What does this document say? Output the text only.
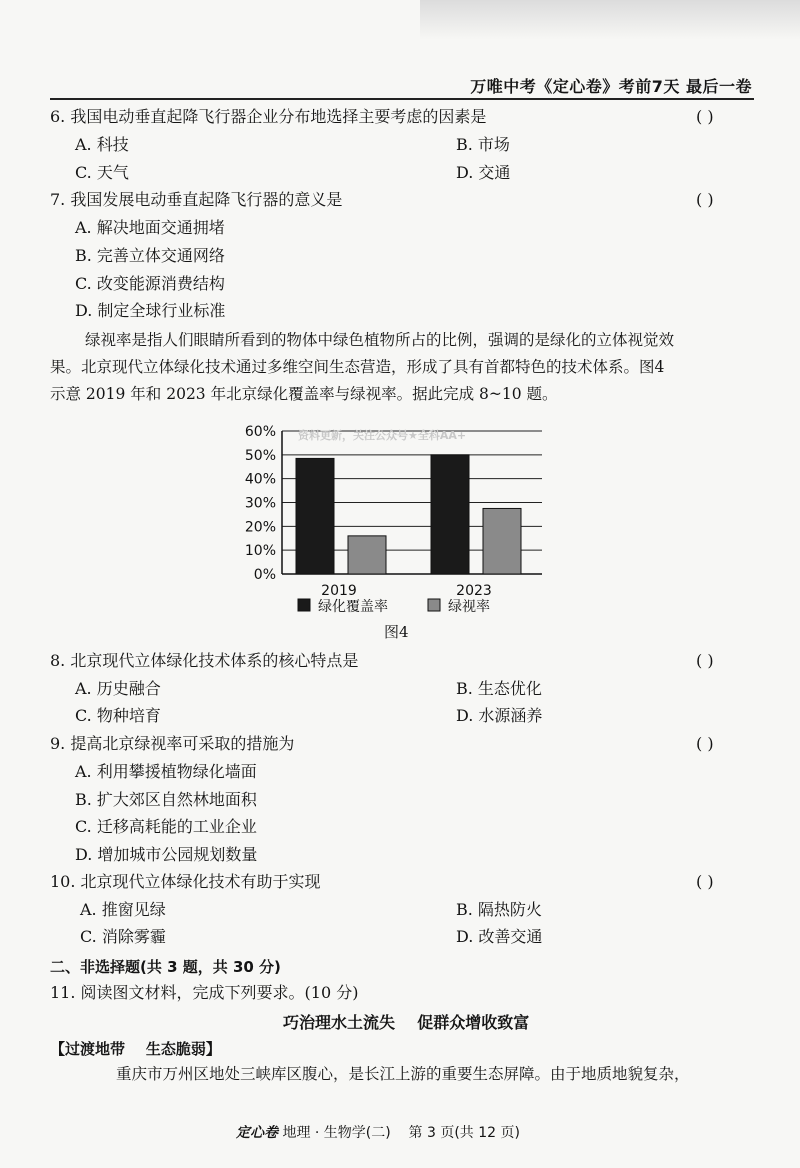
万唯中考《定心卷》考前7天 最后一卷
6. 我国电动垂直起降飞行器企业分布地选择主要考虑的因素是	( )
A. 科技	B. 市场
C. 天气	D. 交通
7. 我国发展电动垂直起降飞行器的意义是	( )
A. 解决地面交通拥堵
B. 完善立体交通网络
C. 改变能源消费结构
D. 制定全球行业标准
绿视率是指人们眼睛所看到的物体中绿色植物所占的比例，强调的是绿化的立体视觉效
果。北京现代立体绿化技术通过多维空间生态营造，形成了具有首都特色的技术体系。图4
示意 2019 年和 2023 年北京绿化覆盖率与绿视率。据此完成 8~10 题。
0%
10%
20%
30%
40%
50%
60% 资料更新，关注公众号★全科AA+
2019	2023
绿化覆盖率	绿视率
图4
8. 北京现代立体绿化技术体系的核心特点是	( )
A. 历史融合	B. 生态优化
C. 物种培育	D. 水源涵养
9. 提高北京绿视率可采取的措施为	( )
A. 利用攀援植物绿化墙面
B. 扩大郊区自然林地面积
C. 迁移高耗能的工业企业
D. 增加城市公园规划数量
10. 北京现代立体绿化技术有助于实现	( )
A. 推窗见绿	B. 隔热防火
C. 消除雾霾	D. 改善交通
二、非选择题(共 3 题，共 30 分)
11. 阅读图文材料，完成下列要求。(10 分)
巧治理水土流失    促群众增收致富
【过渡地带    生态脆弱】
重庆市万州区地处三峡库区腹心，是长江上游的重要生态屏障。由于地质地貌复杂，
定心卷 地理 · 生物学(二)    第 3 页(共 12 页)
